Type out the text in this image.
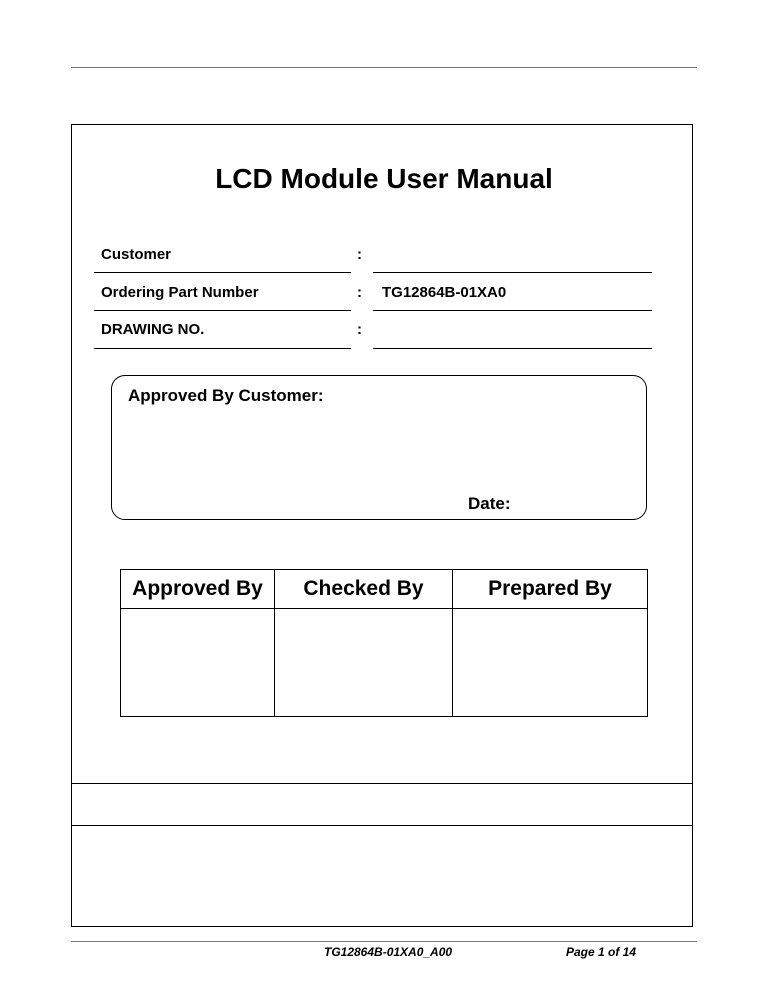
LCD Module User Manual
Customer	:
Ordering Part Number	: TG12864B-01XA0
DRAWING NO.	:
Approved By Customer:
Date:
Approved By	Checked By	Prepared By

TG12864B-01XA0_A00	Page 1 of 14
